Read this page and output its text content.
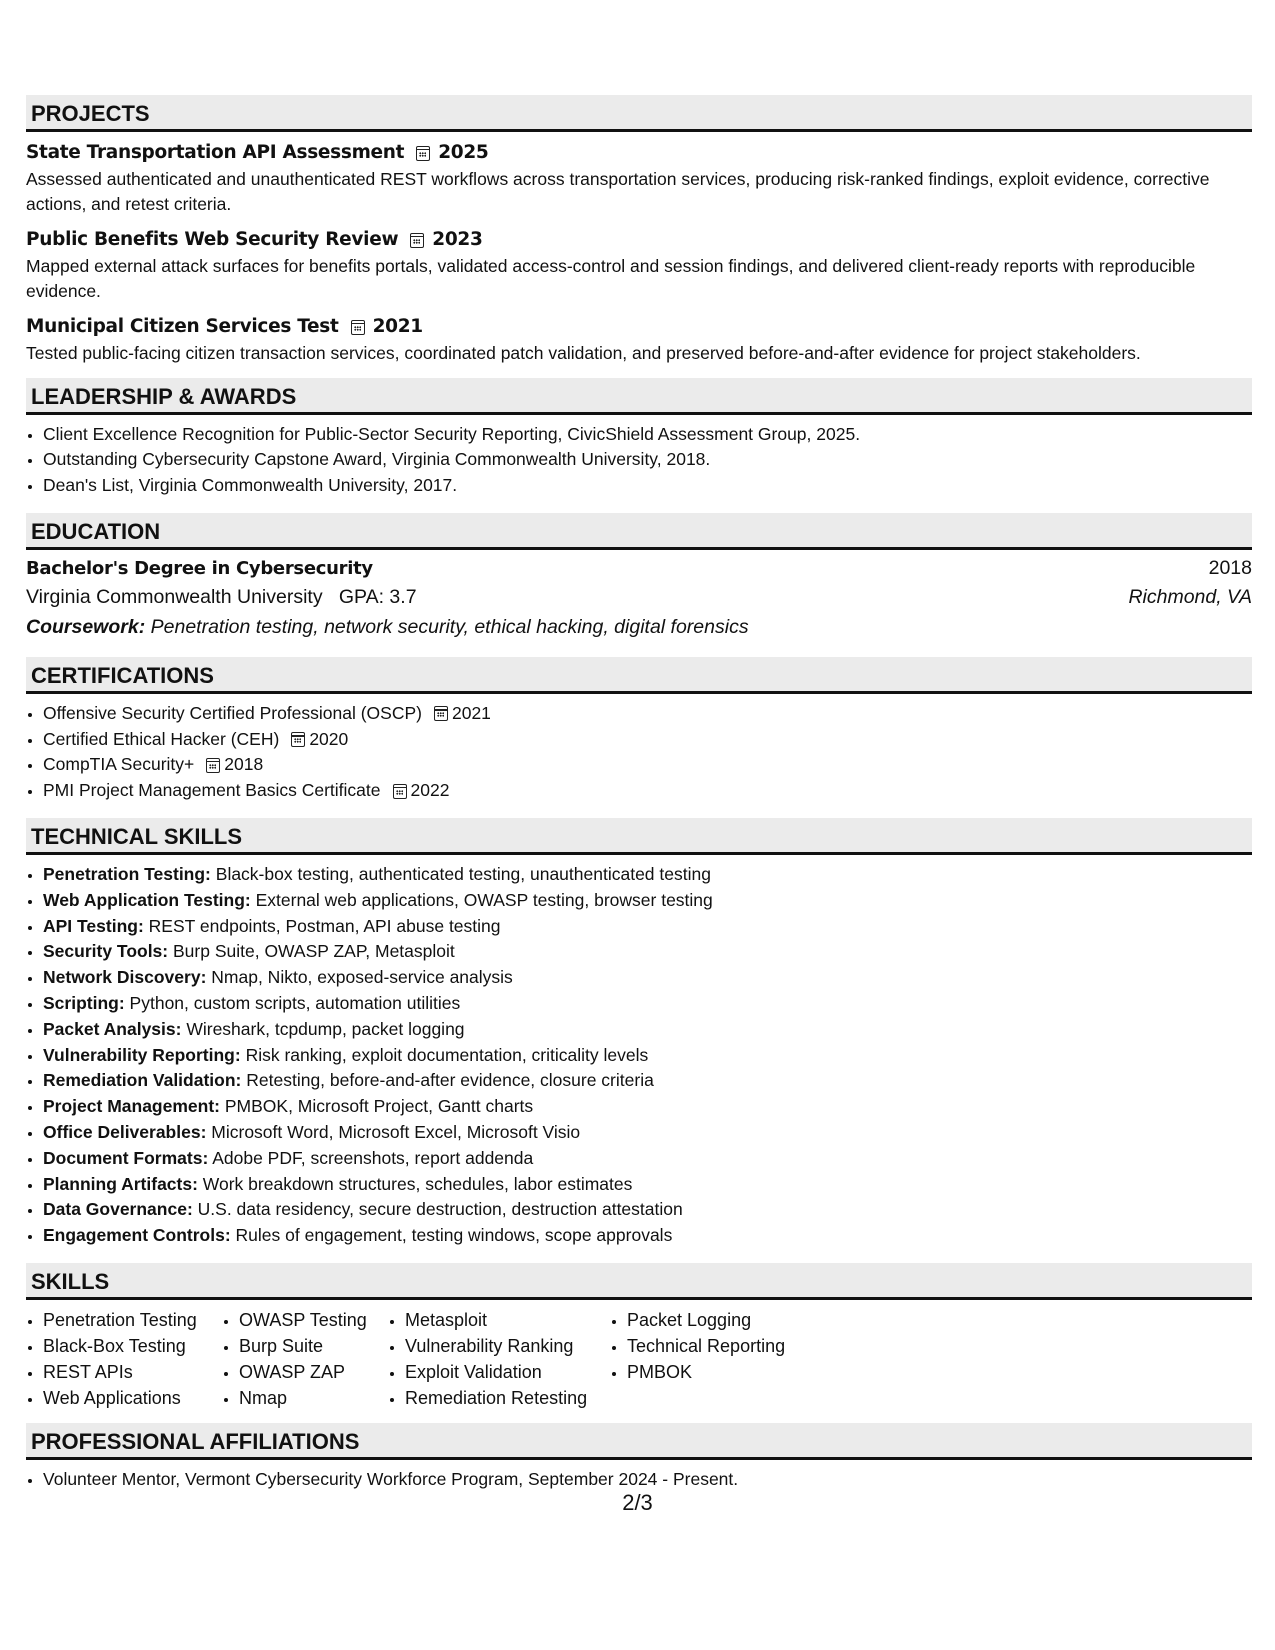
PROJECTS
State Transportation API Assessment 2025
Assessed authenticated and unauthenticated REST workflows across transportation services, producing risk-ranked findings, exploit evidence, corrective actions, and retest criteria.
Public Benefits Web Security Review 2023
Mapped external attack surfaces for benefits portals, validated access-control and session findings, and delivered client-ready reports with reproducible evidence.
Municipal Citizen Services Test 2021
Tested public-facing citizen transaction services, coordinated patch validation, and preserved before-and-after evidence for project stakeholders.
LEADERSHIP & AWARDS
• Client Excellence Recognition for Public-Sector Security Reporting, CivicShield Assessment Group, 2025.
• Outstanding Cybersecurity Capstone Award, Virginia Commonwealth University, 2018.
• Dean's List, Virginia Commonwealth University, 2017.
EDUCATION
Bachelor's Degree in Cybersecurity	2018
Virginia Commonwealth University GPA: 3.7	Richmond, VA
Coursework: Penetration testing, network security, ethical hacking, digital forensics
CERTIFICATIONS
• Offensive Security Certified Professional (OSCP) 2021
• Certified Ethical Hacker (CEH) 2020
• CompTIA Security+ 2018
• PMI Project Management Basics Certificate 2022
TECHNICAL SKILLS
• Penetration Testing: Black-box testing, authenticated testing, unauthenticated testing
• Web Application Testing: External web applications, OWASP testing, browser testing
• API Testing: REST endpoints, Postman, API abuse testing
• Security Tools: Burp Suite, OWASP ZAP, Metasploit
• Network Discovery: Nmap, Nikto, exposed-service analysis
• Scripting: Python, custom scripts, automation utilities
• Packet Analysis: Wireshark, tcpdump, packet logging
• Vulnerability Reporting: Risk ranking, exploit documentation, criticality levels
• Remediation Validation: Retesting, before-and-after evidence, closure criteria
• Project Management: PMBOK, Microsoft Project, Gantt charts
• Office Deliverables: Microsoft Word, Microsoft Excel, Microsoft Visio
• Document Formats: Adobe PDF, screenshots, report addenda
• Planning Artifacts: Work breakdown structures, schedules, labor estimates
• Data Governance: U.S. data residency, secure destruction, destruction attestation
• Engagement Controls: Rules of engagement, testing windows, scope approvals
SKILLS
• Penetration Testing
• Black-Box Testing
• REST APIs
• Web Applications
• OWASP Testing
• Burp Suite
• OWASP ZAP
• Nmap
• Metasploit
• Vulnerability Ranking
• Exploit Validation
• Remediation Retesting
• Packet Logging
• Technical Reporting
• PMBOK
PROFESSIONAL AFFILIATIONS
• Volunteer Mentor, Vermont Cybersecurity Workforce Program, September 2024 - Present.
2/3
